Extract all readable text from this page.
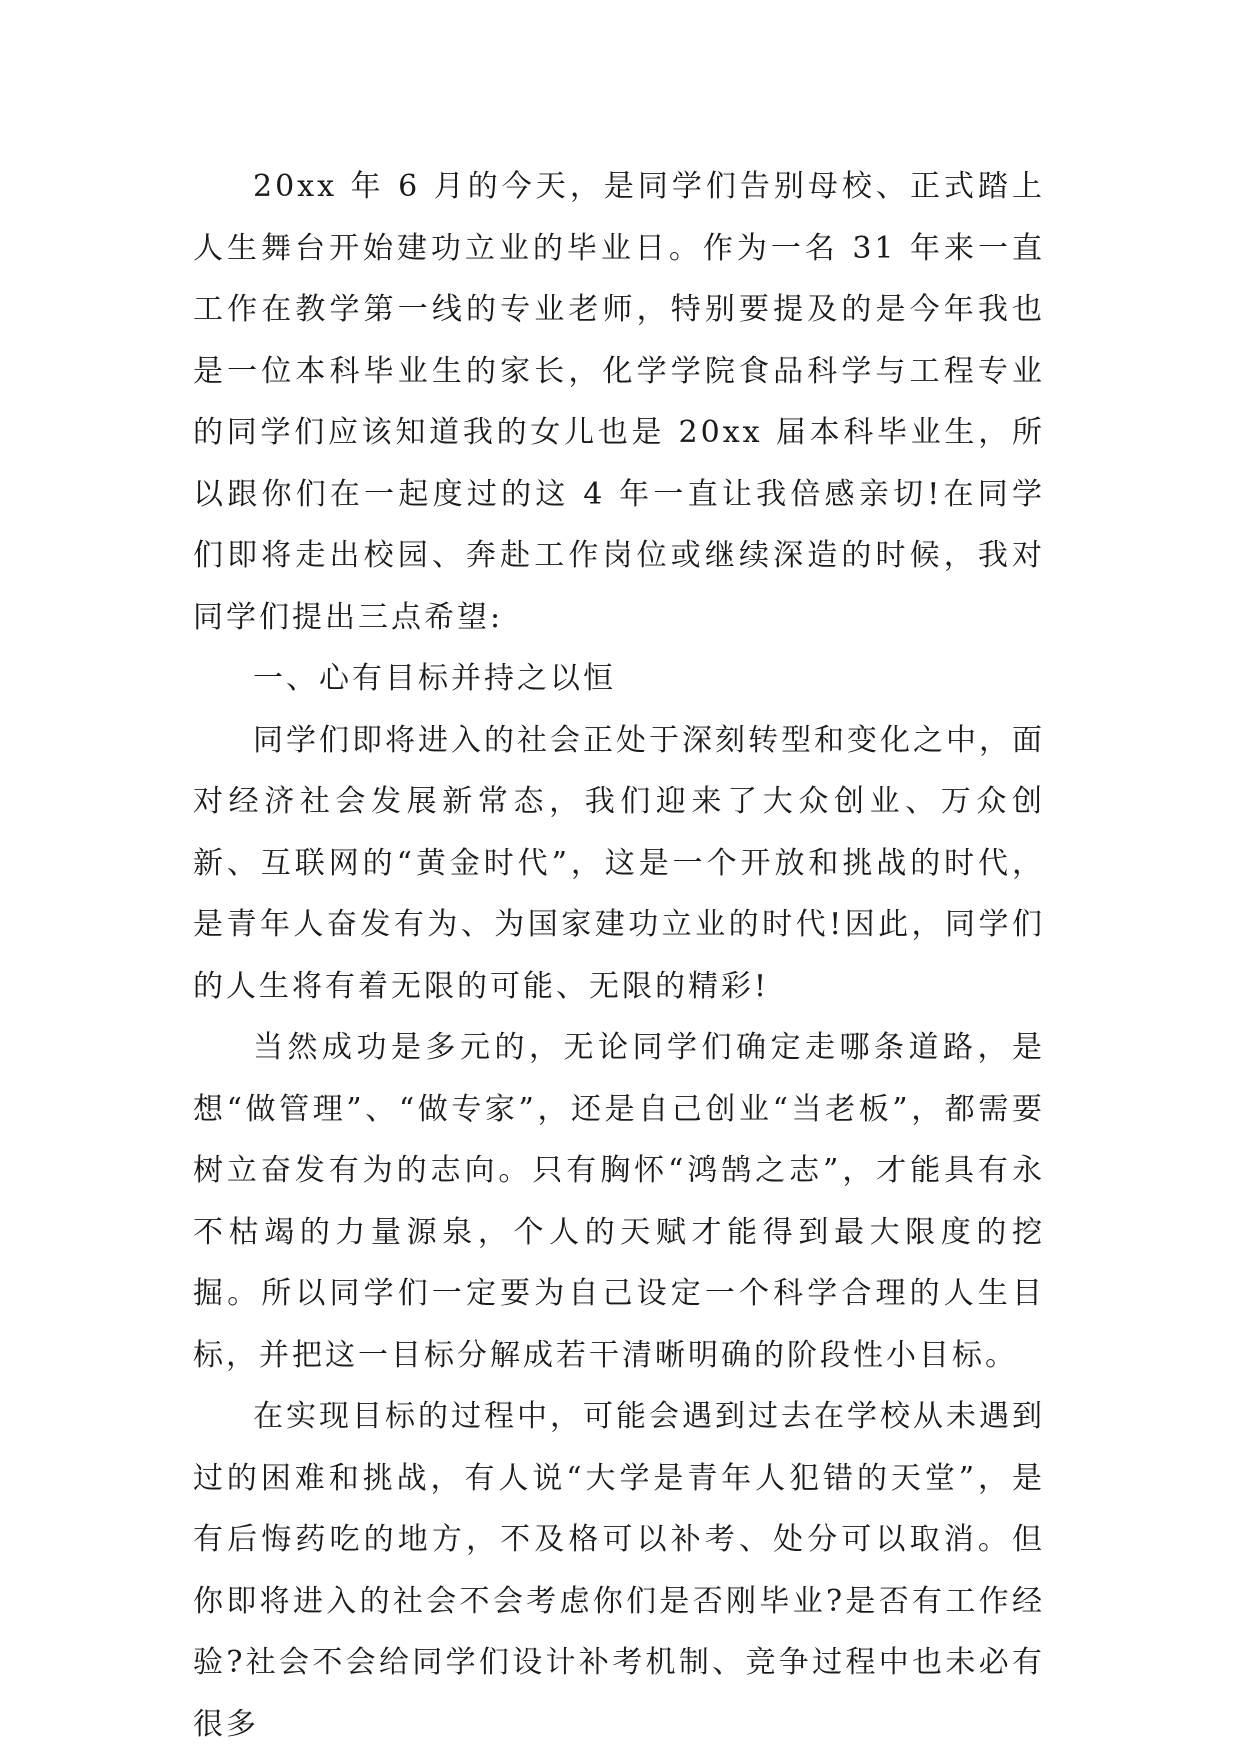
20xx 年 6 月的今天，是同学们告别母校、正式踏上人生舞台开始建功立业的毕业日。作为一名 31 年来一直工作在教学第一线的专业老师，特别要提及的是今年我也是一位本科毕业生的家长，化学学院食品科学与工程专业的同学们应该知道我的女儿也是 20xx 届本科毕业生，所以跟你们在一起度过的这 4 年一直让我倍感亲切!在同学们即将走出校园、奔赴工作岗位或继续深造的时候，我对同学们提出三点希望:

一、心有目标并持之以恒

同学们即将进入的社会正处于深刻转型和变化之中，面对经济社会发展新常态，我们迎来了大众创业、万众创新、互联网的“黄金时代”，这是一个开放和挑战的时代，是青年人奋发有为、为国家建功立业的时代!因此，同学们的人生将有着无限的可能、无限的精彩!

当然成功是多元的，无论同学们确定走哪条道路，是想“做管理”、“做专家”，还是自己创业“当老板”，都需要树立奋发有为的志向。只有胸怀“鸿鹄之志”，才能具有永不枯竭的力量源泉，个人的天赋才能得到最大限度的挖掘。所以同学们一定要为自己设定一个科学合理的人生目标，并把这一目标分解成若干清晰明确的阶段性小目标。

在实现目标的过程中，可能会遇到过去在学校从未遇到过的困难和挑战，有人说“大学是青年人犯错的天堂”，是有后悔药吃的地方，不及格可以补考、处分可以取消。但你即将进入的社会不会考虑你们是否刚毕业?是否有工作经验?社会不会给同学们设计补考机制、竞争过程中也未必有很多
